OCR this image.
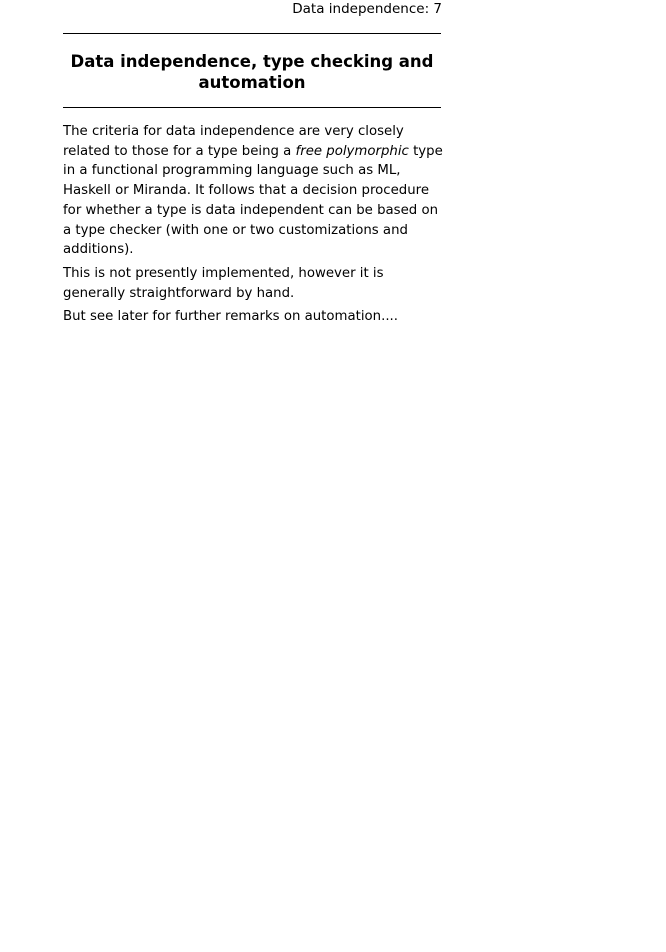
Data independence: 7
Data independence, type checking and
automation

The criteria for data independence are very closely related to those for a type being a free polymorphic type in a functional programming language such as ML, Haskell or Miranda. It follows that a decision procedure for whether a type is data independent can be based on a type checker (with one or two customizations and additions).

This is not presently implemented, however it is generally straightforward by hand.

But see later for further remarks on automation....
